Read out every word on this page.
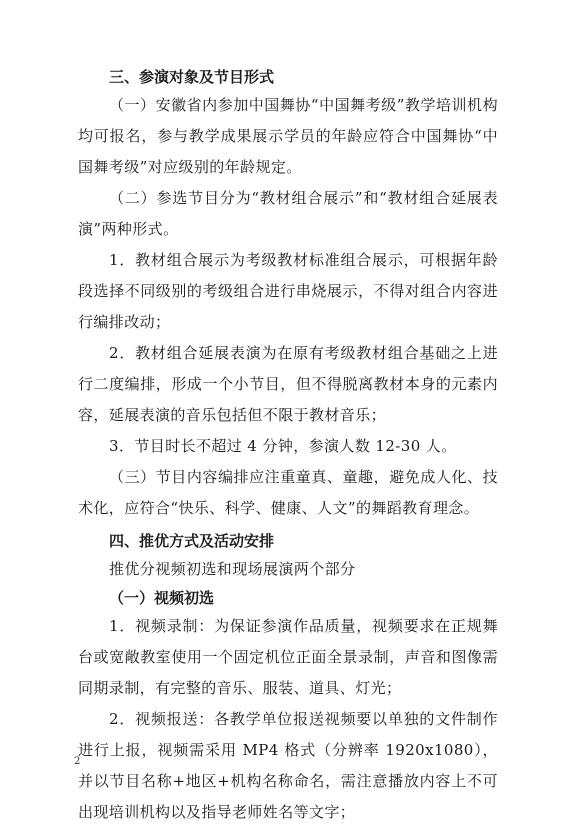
三、参演对象及节目形式

（一）安徽省内参加中国舞协“中国舞考级”教学培训机构均可报名，参与教学成果展示学员的年龄应符合中国舞协“中国舞考级”对应级别的年龄规定。

（二）参选节目分为“教材组合展示”和“教材组合延展表演”两种形式。

1．教材组合展示为考级教材标准组合展示，可根据年龄段选择不同级别的考级组合进行串烧展示，不得对组合内容进行编排改动；

2．教材组合延展表演为在原有考级教材组合基础之上进行二度编排，形成一个小节目，但不得脱离教材本身的元素内容，延展表演的音乐包括但不限于教材音乐；

3．节目时长不超过 4 分钟，参演人数 12-30 人。

（三）节目内容编排应注重童真、童趣，避免成人化、技术化，应符合“快乐、科学、健康、人文”的舞蹈教育理念。

四、推优方式及活动安排

推优分视频初选和现场展演两个部分

（一）视频初选

1．视频录制：为保证参演作品质量，视频要求在正规舞台或宽敞教室使用一个固定机位正面全景录制，声音和图像需同期录制，有完整的音乐、服装、道具、灯光；

2．视频报送：各教学单位报送视频要以单独的文件制作进行上报，视频需采用 MP4 格式（分辨率 1920x1080），并以节目名称+地区+机构名称命名，需注意播放内容上不可出现培训机构以及指导老师姓名等文字；

2
